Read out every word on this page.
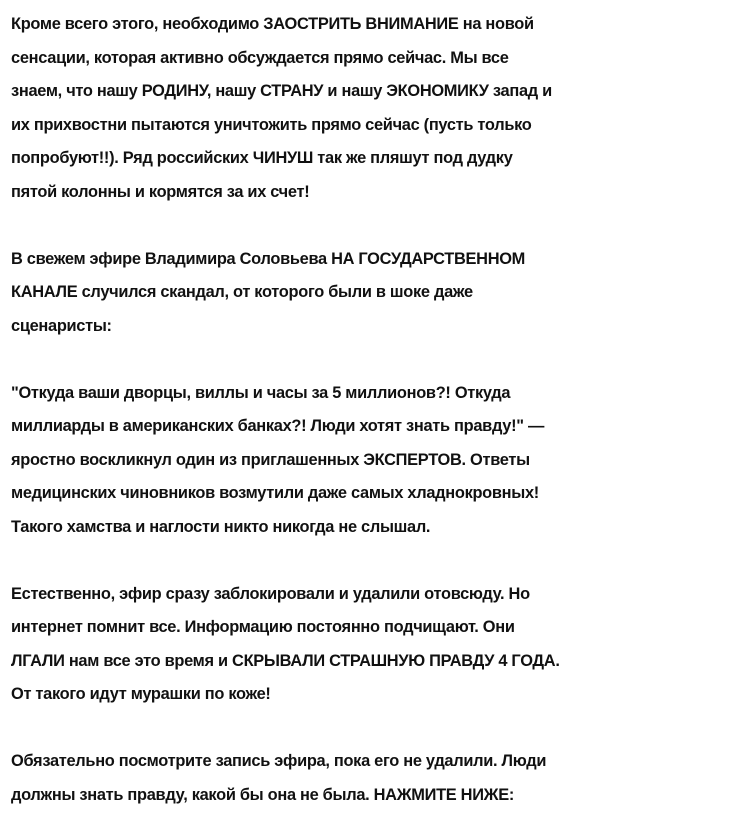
Кроме всего этого, необходимо ЗАОСТРИТЬ ВНИМАНИЕ на новой
сенсации, которая активно обсуждается прямо сейчас. Мы все
знаем, что нашу РОДИНУ, нашу СТРАНУ и нашу ЭКОНОМИКУ запад и
их прихвостни пытаются уничтожить прямо сейчас (пусть только
попробуют!!). Ряд российских ЧИНУШ так же пляшут под дудку
пятой колонны и кормятся за их счет!

В свежем эфире Владимира Соловьева НА ГОСУДАРСТВЕННОМ
КАНАЛЕ случился скандал, от которого были в шоке даже
сценаристы:

"Откуда ваши дворцы, виллы и часы за 5 миллионов?! Откуда
миллиарды в американских банках?! Люди хотят знать правду!" —
яростно воскликнул один из приглашенных ЭКСПЕРТОВ. Ответы
медицинских чиновников возмутили даже самых хладнокровных!
Такого хамства и наглости никто никогда не слышал.

Естественно, эфир сразу заблокировали и удалили отовсюду. Но
интернет помнит все. Информацию постоянно подчищают. Они
ЛГАЛИ нам все это время и СКРЫВАЛИ СТРАШНУЮ ПРАВДУ 4 ГОДА.
От такого идут мурашки по коже!

Обязательно посмотрите запись эфира, пока его не удалили. Люди
должны знать правду, какой бы она не была. НАЖМИТЕ НИЖЕ:
